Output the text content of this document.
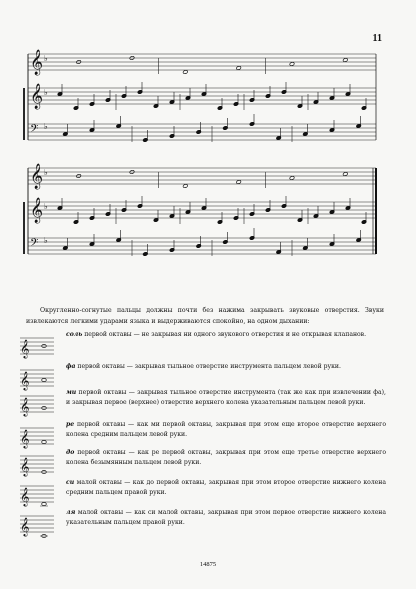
11
𝄞 ♭
𝄞 ♭
𝄢 ♭
𝄞 ♭
𝄞 ♭
𝄢 ♭
Округленно-согнутые пальцы должны почти без нажима закрывать звуковые отверстия. Звуки извлекаются легкими ударами языка и выдерживаются спокойно, на одном дыхании:
𝄞
соль первой октавы — не закрывая ни одного звукового отверстия и не открывая клапанов.
𝄞
фа первой октавы — закрывая тыльное отверстие инструмента пальцем левой руки.
𝄞
ми первой октавы — закрывая тыльное отверстие инструмента (так же как при извлечении фа), и закрывая первое (верхнее) отверстие верхнего колена указательным пальцем левой руки.
𝄞
ре первой октавы — как ми первой октавы, закрывая при этом еще второе отверстие верхнего колена средним пальцем левой руки.
𝄞
до первой октавы — как ре первой октавы, закрывая при этом еще третье отверстие верхнего колена безымянным пальцем левой руки.
𝄞
си малой октавы — как до первой октавы, закрывая при этом второе отверстие нижнего колена средним пальцем правой руки.
𝄞
ля малой октавы — как си малой октавы, закрывая при этом первое отверстие нижнего колена указательным пальцем правой руки.
14875
